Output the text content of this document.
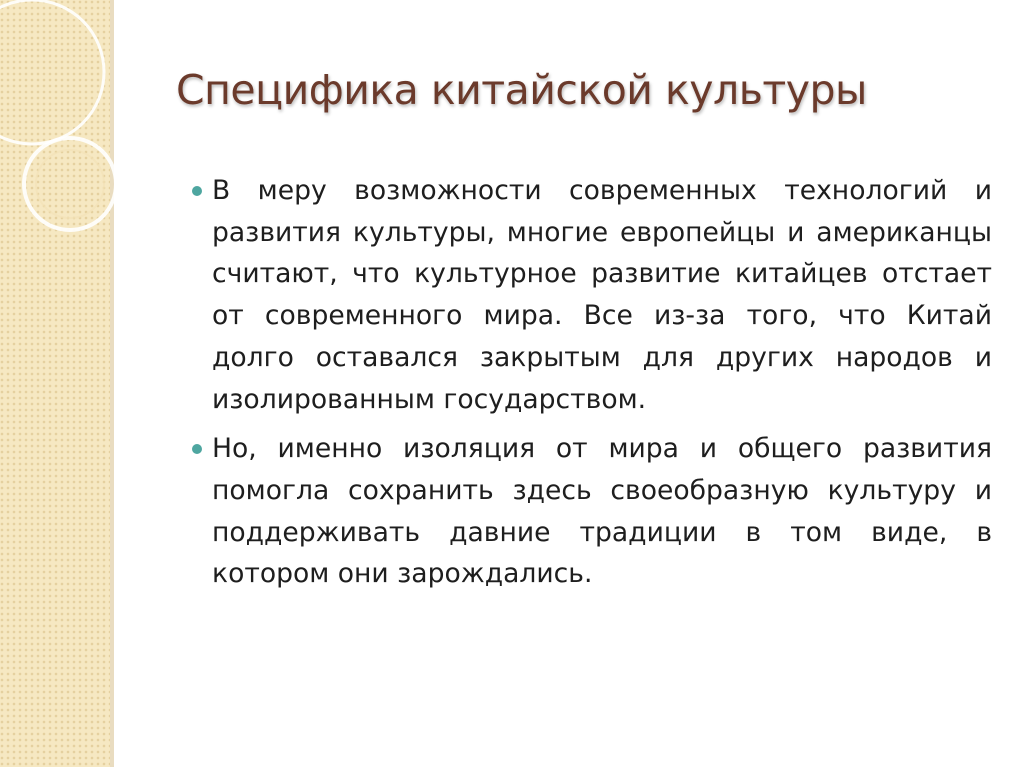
Специфика китайской культуры
В меру возможности современных технологий и развития культуры, многие европейцы и американцы считают, что культурное развитие китайцев отстает от современного мира. Все из-за того, что Китай долго оставался закрытым для других народов и изолированным государством.
Но, именно изоляция от мира и общего развития помогла сохранить здесь своеобразную культуру и поддерживать давние традиции в том виде, в котором они зарождались.
